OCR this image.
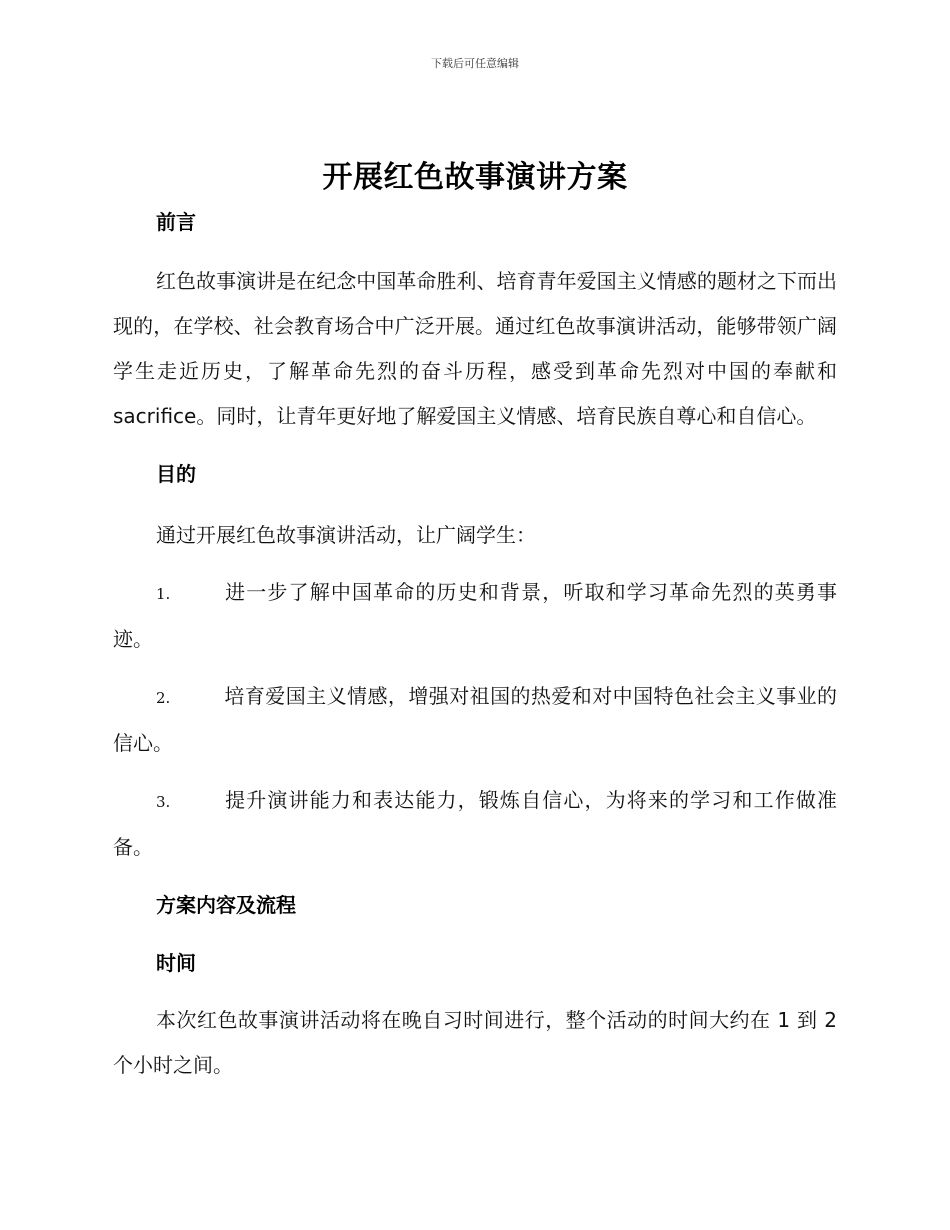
下载后可任意编辑
开展红色故事演讲方案

前言

红色故事演讲是在纪念中国革命胜利、培育青年爱国主义情感的题材之下而出现的，在学校、社会教育场合中广泛开展。通过红色故事演讲活动，能够带领广阔学生走近历史，了解革命先烈的奋斗历程，感受到革命先烈对中国的奉献和 sacrifice。同时，让青年更好地了解爱国主义情感、培育民族自尊心和自信心。

目的

通过开展红色故事演讲活动，让广阔学生：

1.	进一步了解中国革命的历史和背景，听取和学习革命先烈的英勇事迹。

2.	培育爱国主义情感，增强对祖国的热爱和对中国特色社会主义事业的信心。

3.	提升演讲能力和表达能力，锻炼自信心，为将来的学习和工作做准备。

方案内容及流程

时间

本次红色故事演讲活动将在晚自习时间进行，整个活动的时间大约在 1 到 2 个小时之间。
